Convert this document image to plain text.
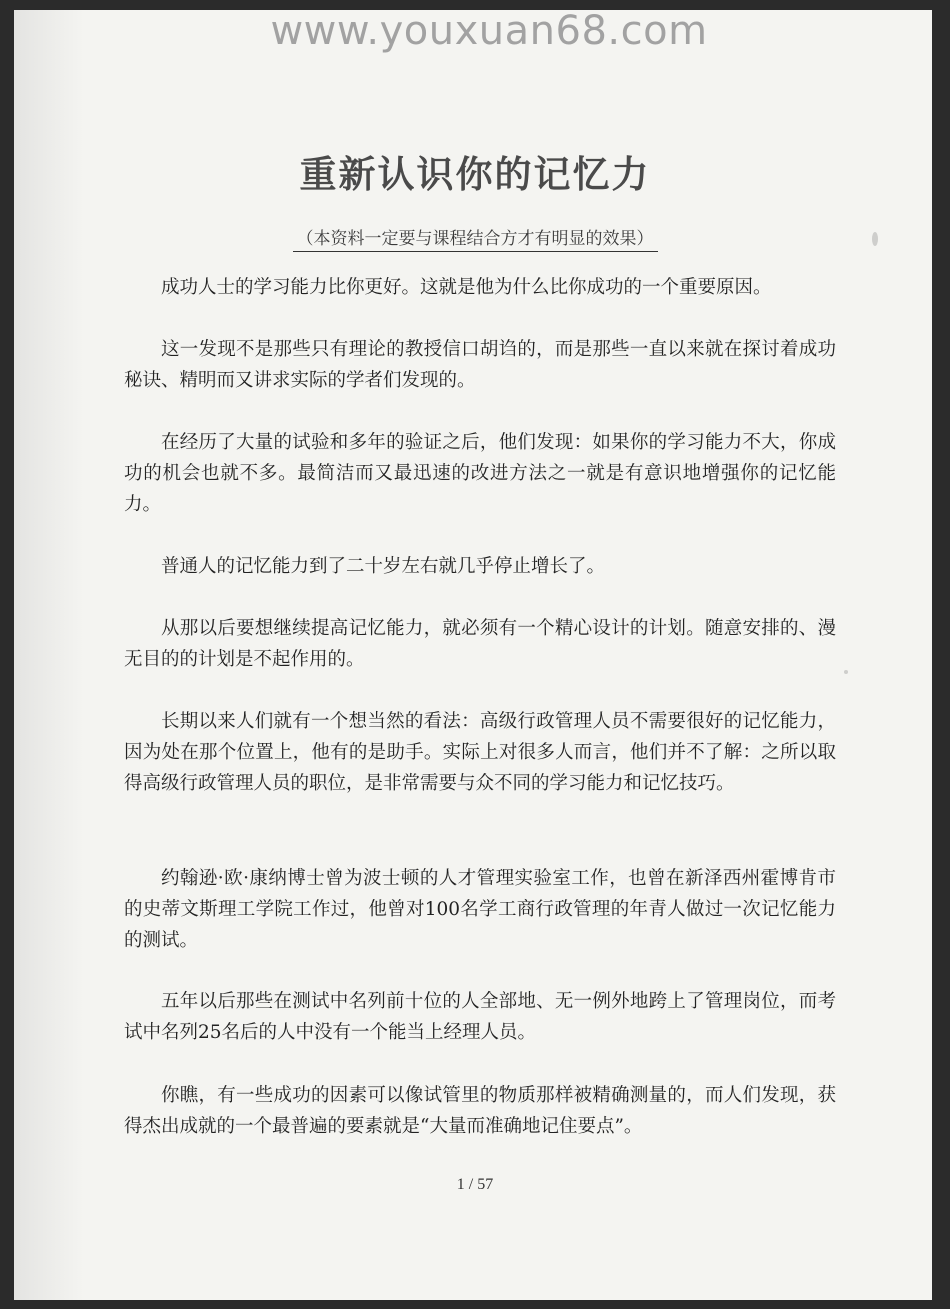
www.youxuan68.com
重新认识你的记忆力
（本资料一定要与课程结合方才有明显的效果）

成功人士的学习能力比你更好。这就是他为什么比你成功的一个重要原因。

这一发现不是那些只有理论的教授信口胡诌的，而是那些一直以来就在探讨着成功秘诀、精明而又讲求实际的学者们发现的。

在经历了大量的试验和多年的验证之后，他们发现：如果你的学习能力不大，你成功的机会也就不多。最简洁而又最迅速的改进方法之一就是有意识地增强你的记忆能力。

普通人的记忆能力到了二十岁左右就几乎停止增长了。

从那以后要想继续提高记忆能力，就必须有一个精心设计的计划。随意安排的、漫无目的的计划是不起作用的。

长期以来人们就有一个想当然的看法：高级行政管理人员不需要很好的记忆能力，因为处在那个位置上，他有的是助手。实际上对很多人而言，他们并不了解：之所以取得高级行政管理人员的职位，是非常需要与众不同的学习能力和记忆技巧。

约翰逊·欧·康纳博士曾为波士顿的人才管理实验室工作，也曾在新泽西州霍博肯市的史蒂文斯理工学院工作过，他曾对100名学工商行政管理的年青人做过一次记忆能力的测试。

五年以后那些在测试中名列前十位的人全部地、无一例外地跨上了管理岗位，而考试中名列25名后的人中没有一个能当上经理人员。

你瞧，有一些成功的因素可以像试管里的物质那样被精确测量的，而人们发现，获得杰出成就的一个最普遍的要素就是“大量而准确地记住要点”。

1 / 57
